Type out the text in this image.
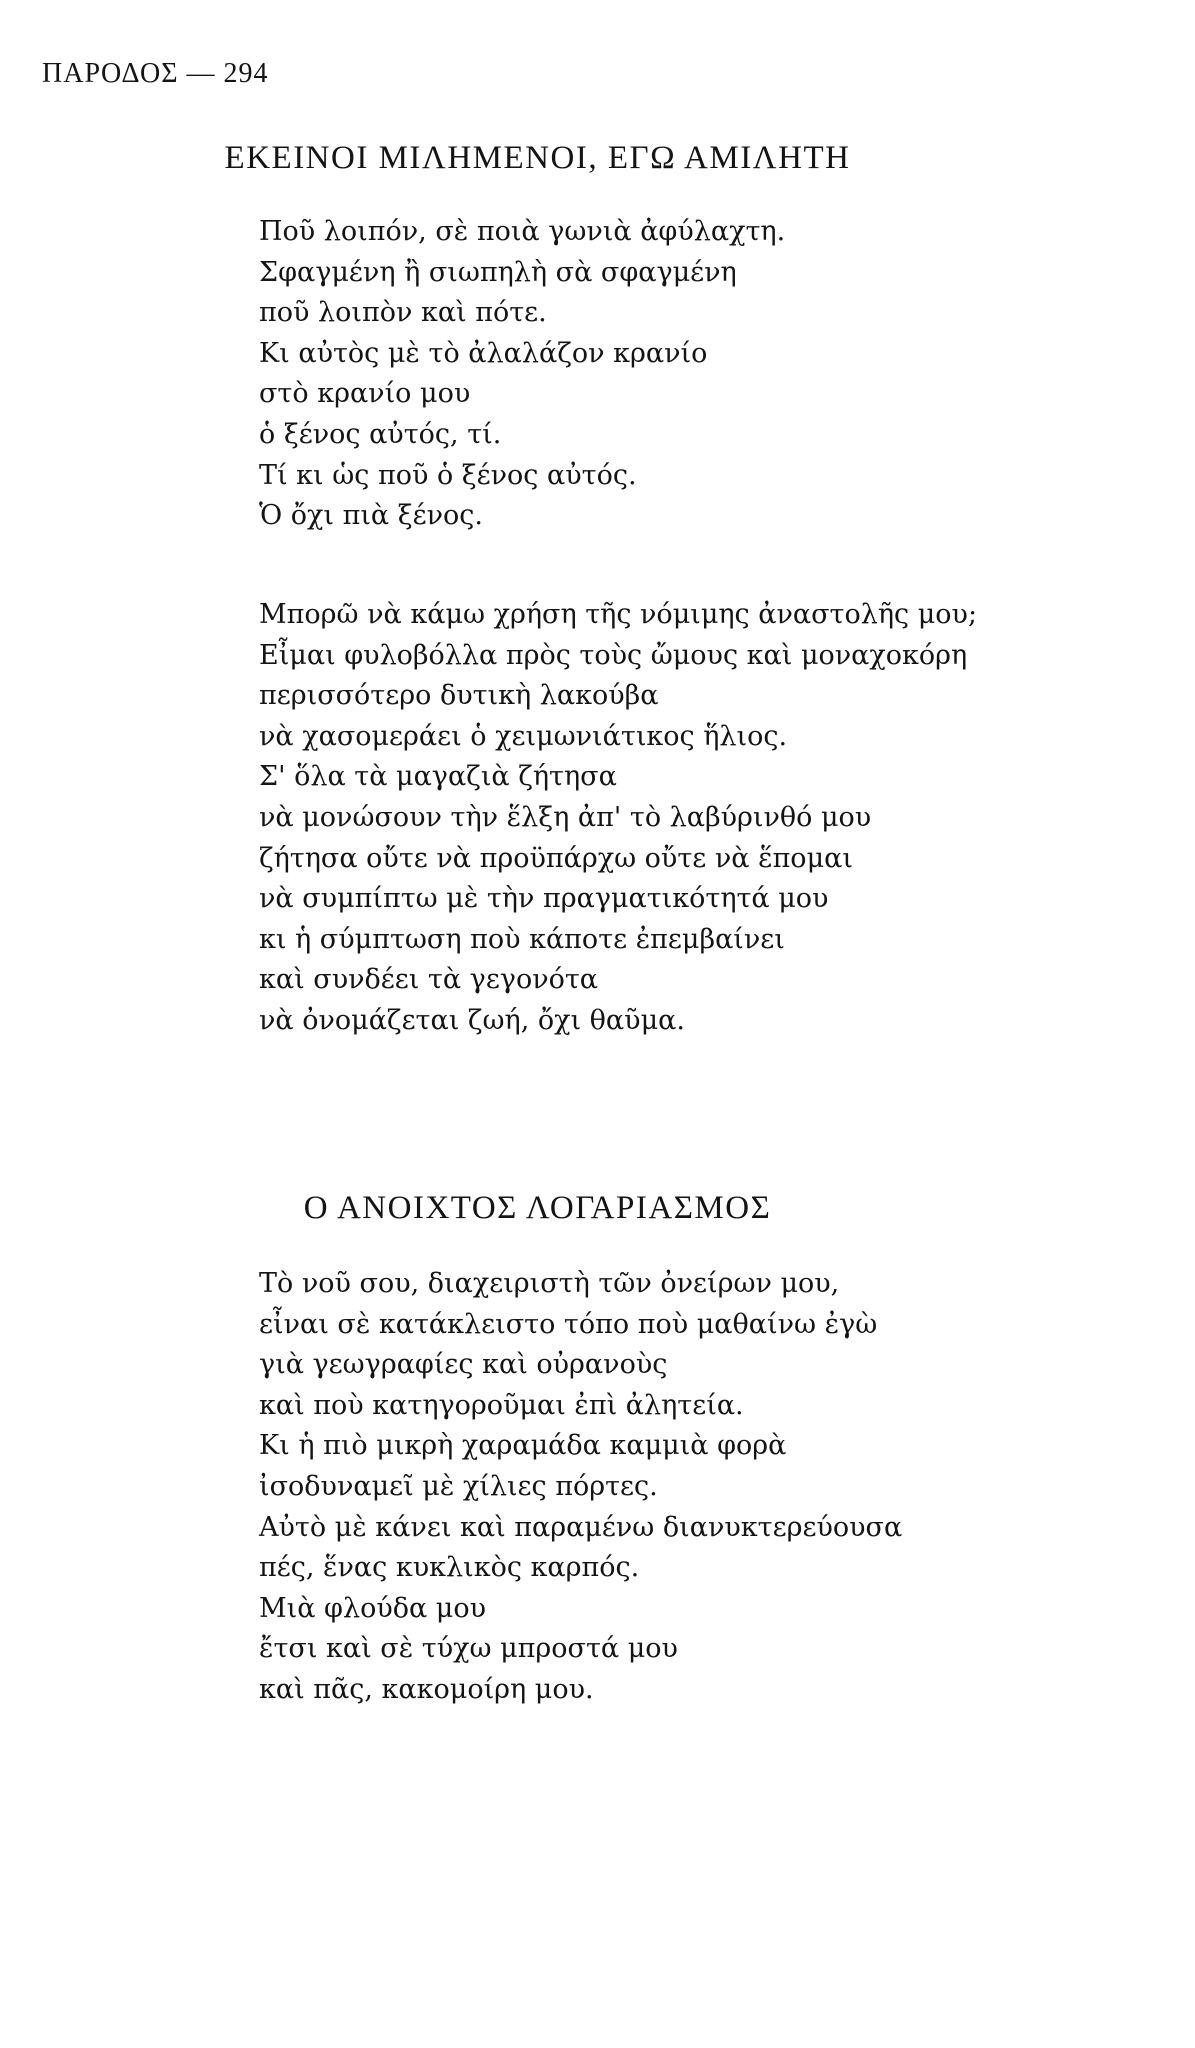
ΠΑΡΟΔΟΣ — 294
ΕΚΕΙΝΟΙ ΜΙΛΗΜΕΝΟΙ, ΕΓΩ ΑΜΙΛΗΤΗ
Ποῦ λοιπόν, σὲ ποιὰ γωνιὰ ἀφύλαχτη.
Σφαγμένη ἢ σιωπηλὴ σὰ σφαγμένη
ποῦ λοιπὸν καὶ πότε.
Κι αὐτὸς μὲ τὸ ἀλαλάζον κρανίο
στὸ κρανίο μου
ὁ ξένος αὐτός, τί.
Τί κι ὡς ποῦ ὁ ξένος αὐτός.
Ὁ ὄχι πιὰ ξένος.
Μπορῶ νὰ κάμω χρήση τῆς νόμιμης ἀναστολῆς μου;
Εἶμαι φυλοβόλλα πρὸς τοὺς ὤμους καὶ μοναχοκόρη
περισσότερο δυτικὴ λακούβα
νὰ χασομεράει ὁ χειμωνιάτικος ἥλιος.
Σ' ὅλα τὰ μαγαζιὰ ζήτησα
νὰ μονώσουν τὴν ἕλξη ἀπ' τὸ λαβύρινθό μου
ζήτησα οὔτε νὰ προϋπάρχω οὔτε νὰ ἕπομαι
νὰ συμπίπτω μὲ τὴν πραγματικότητά μου
κι ἡ σύμπτωση ποὺ κάποτε ἐπεμβαίνει
καὶ συνδέει τὰ γεγονότα
νὰ ὀνομάζεται ζωή, ὄχι θαῦμα.
Ο ΑΝΟΙΧΤΟΣ ΛΟΓΑΡΙΑΣΜΟΣ
Τὸ νοῦ σου, διαχειριστὴ τῶν ὀνείρων μου,
εἶναι σὲ κατάκλειστο τόπο ποὺ μαθαίνω ἐγὼ
γιὰ γεωγραφίες καὶ οὐρανοὺς
καὶ ποὺ κατηγοροῦμαι ἐπὶ ἀλητεία.
Κι ἡ πιὸ μικρὴ χαραμάδα καμμιὰ φορὰ
ἰσοδυναμεῖ μὲ χίλιες πόρτες.
Αὐτὸ μὲ κάνει καὶ παραμένω διανυκτερεύουσα
πές, ἕνας κυκλικὸς καρπός.
Μιὰ φλούδα μου
ἔτσι καὶ σὲ τύχω μπροστά μου
καὶ πᾶς, κακομοίρη μου.
